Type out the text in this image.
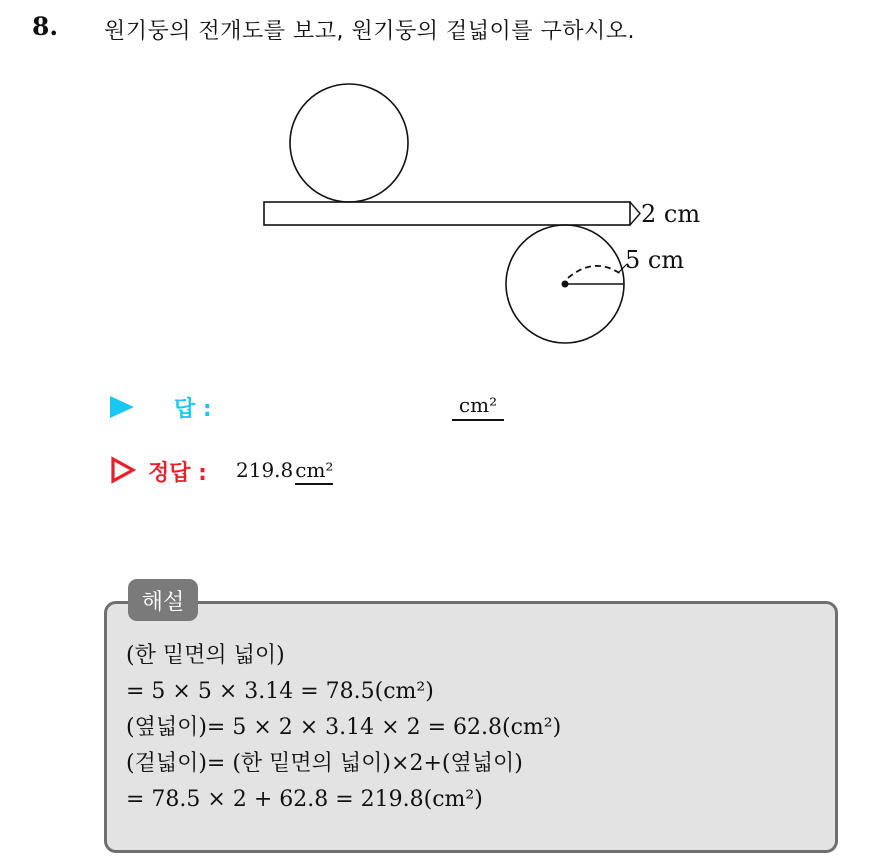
8. 원기둥의 전개도를 보고, 원기둥의 겉넓이를 구하시오.
2 cm
5 cm
답 :	cm²
정답 : 219.8 cm²
해설
(한 밑면의 넓이)
= 5 × 5 × 3.14 = 78.5(cm²)
(옆넓이)= 5 × 2 × 3.14 × 2 = 62.8(cm²)
(겉넓이)= (한 밑면의 넓이)×2+(옆넓이)
= 78.5 × 2 + 62.8 = 219.8(cm²)
